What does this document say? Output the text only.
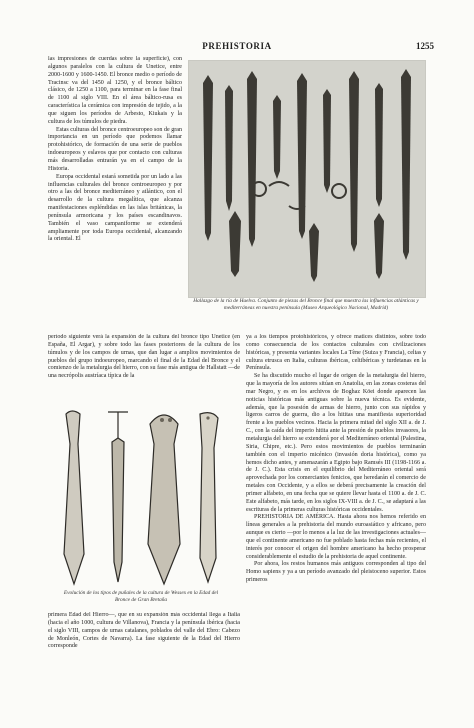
PREHISTORIA	1255

las impresiones de cuerdas sobre la superficie), con algunos paralelos con la cultura de Unetice, entre 2000-1600 y 1600-1450. El bronce medio o período de Tracinsc va del 1450 al 1250, y el bronce báltico clásico, de 1250 a 1100, para terminar en la fase final de 1100 al siglo VIII. En el área báltico-rusa es característica la cerámica con impresión de tejido, a la que siguen los períodos de Arbesto, Kiukais y la cultura de los túmulos de piedra.

Estas culturas del bronce centroeuropeo son de gran importancia en un período que podemos llamar protohistórico, de formación de una serie de pueblos indoeuropeos y eslavos que por contacto con culturas más desarrolladas entrarán ya en el campo de la Historia.

Europa occidental estará sometida por un lado a las influencias culturales del bronce centroeuropeo y por otro a las del bronce mediterráneo y atlántico, con el desarrollo de la cultura megalítica, que alcanza manifestaciones espléndidas en las islas británicas, la península armoricana y los países escandinavos. También el vaso campaniforme se extenderá ampliamente por toda Europa occidental, alcanzando la oriental. El

Hallazgo de la ría de Huelva. Conjunto de piezas del Bronce final que muestra las influencias atlánticas y mediterráneas en nuestra península (Museo Arqueológico Nacional, Madrid)

período siguiente verá la expansión de la cultura del bronce tipo Unetice (en España, El Argar), y sobre todo las fases posteriores de la cultura de los túmulos y de los campos de urnas, que dan lugar a amplios movimientos de pueblos del grupo indoeuropeo, marcando el final de la Edad del Bronce y el comienzo de la metalurgia del hierro, con su fase más antigua de Hallstatt —de una necrópolis austríaca típica de la

Evolución de los tipos de puñales de la cultura de Wessex en la Edad del Bronce de Gran Bretaña

primera Edad del Hierro—, que en su expansión más occidental llega a Italia (hacia el año 1000, cultura de Villanova), Francia y la península ibérica (hacia el siglo VIII, campos de urnas catalanes, poblados del valle del Ebro: Cabezo de Monleón, Cortes de Navarra). La fase siguiente de la Edad del Hierro corresponde

ya a los tiempos protohistóricos, y ofrece matices distintos, sobre todo como consecuencia de los contactos culturales con civilizaciones históricas, y presenta variantes locales La Tène (Suiza y Francia), celtas y cultura etrusca en Italia, culturas ibéricas, celtibéricas y turdetanas en la Península.

Se ha discutido mucho el lugar de origen de la metalurgia del hierro, que la mayoría de los autores sitúan en Anatolia, en las zonas costeras del mar Negro, y es en los archivos de Boghaz Köei donde aparecen las noticias históricas más antiguas sobre la nueva técnica. Es evidente, además, que la posesión de armas de hierro, junto con sus rápidos y ligeros carros de guerra, dio a los hititas una manifiesta superioridad frente a los pueblos vecinos. Hacia la primera mitad del siglo XII a. de J. C., con la caída del imperio hitita ante la presión de pueblos invasores, la metalurgia del hierro se extenderá por el Mediterráneo oriental (Palestina, Siria, Chipre, etc.). Pero estos movimientos de pueblos terminarán también con el imperio micénico (invasión doria histórica), como ya hemos dicho antes, y amenazarán a Egipto bajo Ramsés III (1198-1166 a. de J. C.). Esta crisis en el equilibrio del Mediterráneo oriental será aprovechada por los comerciantes fenicios, que heredarán el comercio de metales con Occidente, y a ellos se deberá precisamente la creación del primer alfabeto, en una fecha que se quiere llevar hasta el 1100 a. de J. C. Este alfabeto, más tarde, en los siglos IX-VIII a. de J. C., se adaptará a las escrituras de la primeras culturas históricas occidentales.

PREHISTORIA DE AMÉRICA. Hasta ahora nos hemos referido en líneas generales a la prehistoria del mundo euroasiático y africano, pero aunque es cierto —por lo menos a la luz de las investigaciones actuales— que el continente americano no fue poblado hasta fechas más recientes, el interés por conocer el origen del hombre americano ha hecho prosperar considerablemente el estudio de la prehistoria de aquel continente.

Por ahora, los restos humanos más antiguos corresponden al tipo del Homo sapiens y ya a un período avanzado del pleistoceno superior. Estos primeros
